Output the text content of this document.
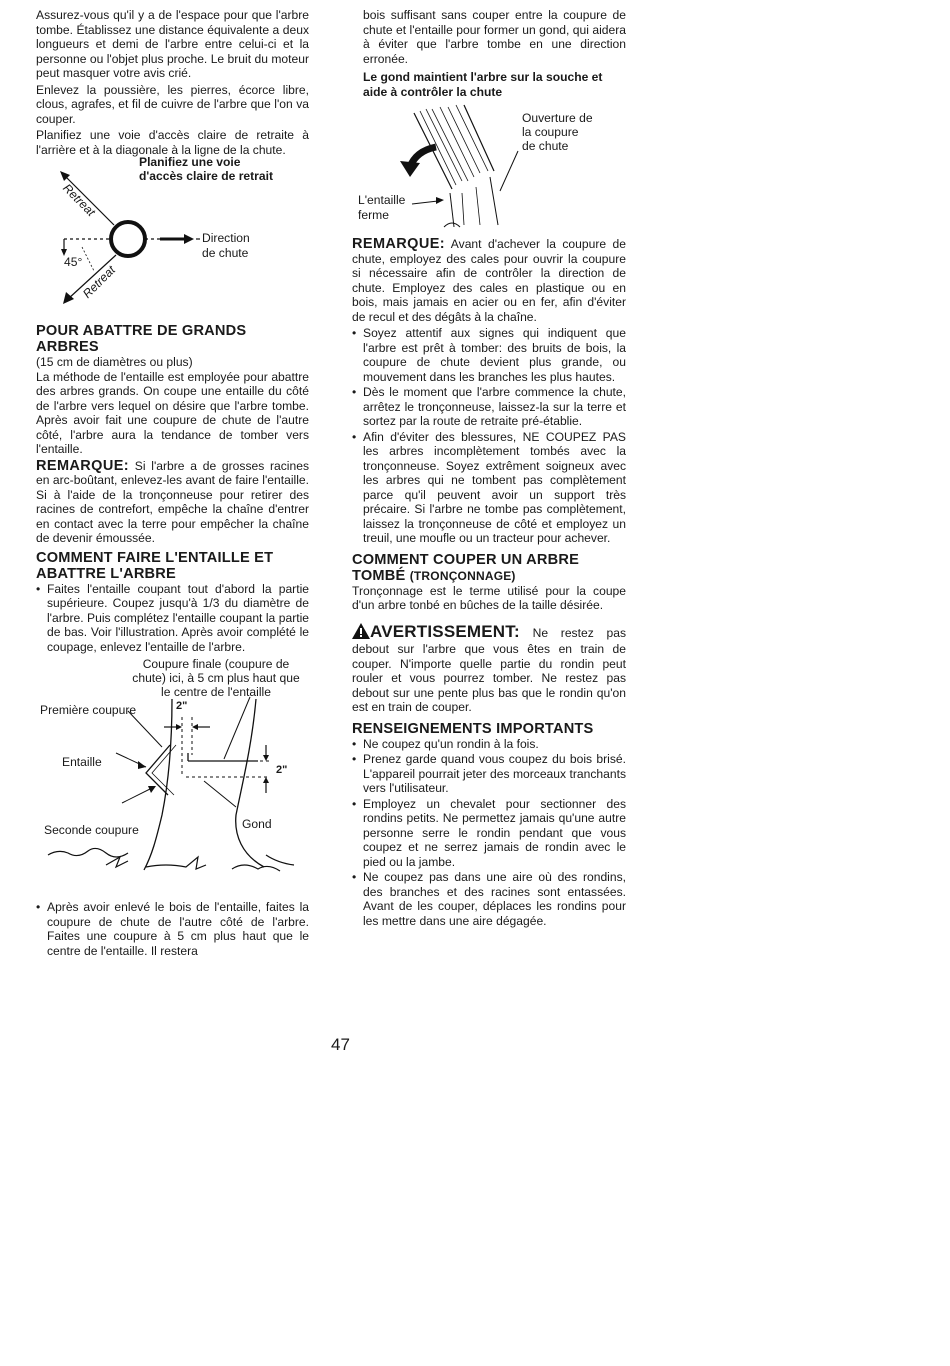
Assurez-vous qu'il y a de l'espace pour que l'arbre tombe. Établissez une distance équivalente a deux longueurs et demi de l'arbre entre celui-ci et la personne ou l'objet plus proche. Le bruit du moteur peut masquer votre avis crié.

Enlevez la poussière, les pierres, écorce libre, clous, agrafes, et fil de cuivre de l'arbre que l'on va couper.

Planifiez une voie d'accès claire de retraite à l'arrière et à la diagonale à la ligne de la chute.

Planifiez une voie
d'accès claire de retrait
Retreat
Retreat
Direction
de chute
45°
POUR ABATTRE DE GRANDS ARBRES

(15 cm de diamètres ou plus)

La méthode de l'entaille est employée pour abattre des arbres grands. On coupe une entaille du côté de l'arbre vers lequel on désire que l'arbre tombe. Après avoir fait une coupure de chute de l'autre côté, l'arbre aura la tendance de tomber vers l'entaille.

REMARQUE: Si l'arbre a de grosses racines en arc-boûtant, enlevez-les avant de faire l'entaille. Si à l'aide de la tronçonneuse pour retirer des racines de contrefort, empêche la chaîne d'entrer en contact avec la terre pour empêcher la chaîne de devenir émoussée.

COMMENT FAIRE L'ENTAILLE ET ABATTRE L'ARBRE
• Faites l'entaille coupant tout d'abord la partie supérieure. Coupez jusqu'à 1/3 du diamètre de l'arbre. Puis complétez l'entaille coupant la partie de bas. Voir l'illustration. Après avoir complété le coupage, enlevez l'entaille de l'arbre.
Coupure finale (coupure de
chute) ici, à 5 cm plus haut que
le centre de l'entaille
2"
2"
Première coupure
Entaille
Seconde coupure	Gond
• Après avoir enlevé le bois de l'entaille, faites la coupure de chute de l'autre côté de l'arbre. Faites une coupure à 5 cm plus haut que le centre de l'entaille. Il restera

bois suffisant sans couper entre la coupure de chute et l'entaille pour former un gond, qui aidera à éviter que l'arbre tombe en une direction erronée.

Le gond maintient l'arbre sur la souche et aide à contrôler la chute

Ouverture de
la coupure
de chute
L'entaille
ferme

REMARQUE: Avant d'achever la coupure de chute, employez des cales pour ouvrir la coupure si nécessaire afin de contrôler la direction de chute. Employez des cales en plastique ou en bois, mais jamais en acier ou en fer, afin d'éviter de recul et des dégâts à la chaîne.

• Soyez attentif aux signes qui indiquent que l'arbre est prêt à tomber: des bruits de bois, la coupure de chute devient plus grande, ou mouvement dans les branches les plus hautes.
• Dès le moment que l'arbre commence la chute, arrêtez le tronçonneuse, laissez-la sur la terre et sortez par la route de retraite pré-établie.
• Afin d'éviter des blessures, NE COUPEZ PAS les arbres incomplètement tombés avec la tronçonneuse. Soyez extrêment soigneux avec les arbres qui ne tombent pas complètement parce qu'il peuvent avoir un support très précaire. Si l'arbre ne tombe pas complètement, laissez la tronçonneuse de côté et employez un treuil, une moufle ou un tracteur pour achever.
COMMENT COUPER UN ARBRE TOMBÉ (TRONÇONNAGE)

Tronçonnage est le terme utilisé pour la coupe d'un arbre tonbé en bûches de la taille désirée.

AVERTISSEMENT: Ne restez pas debout sur l'arbre que vous êtes en train de couper. N'importe quelle partie du rondin peut rouler et vous pourrez tomber. Ne restez pas debout sur une pente plus bas que le rondin qu'on est en train de couper.

RENSEIGNEMENTS IMPORTANTS
• Ne coupez qu'un rondin à la fois.
• Prenez garde quand vous coupez du bois brisé. L'appareil pourrait jeter des morceaux tranchants vers l'utilisateur.
• Employez un chevalet pour sectionner des rondins petits. Ne permettez jamais qu'une autre personne serre le rondin pendant que vous coupez et ne serrez jamais de rondin avec le pied ou la jambe.
• Ne coupez pas dans une aire où des rondins, des branches et des racines sont entassées. Avant de les couper, déplaces les rondins pour les mettre dans une aire dégagée.
47
